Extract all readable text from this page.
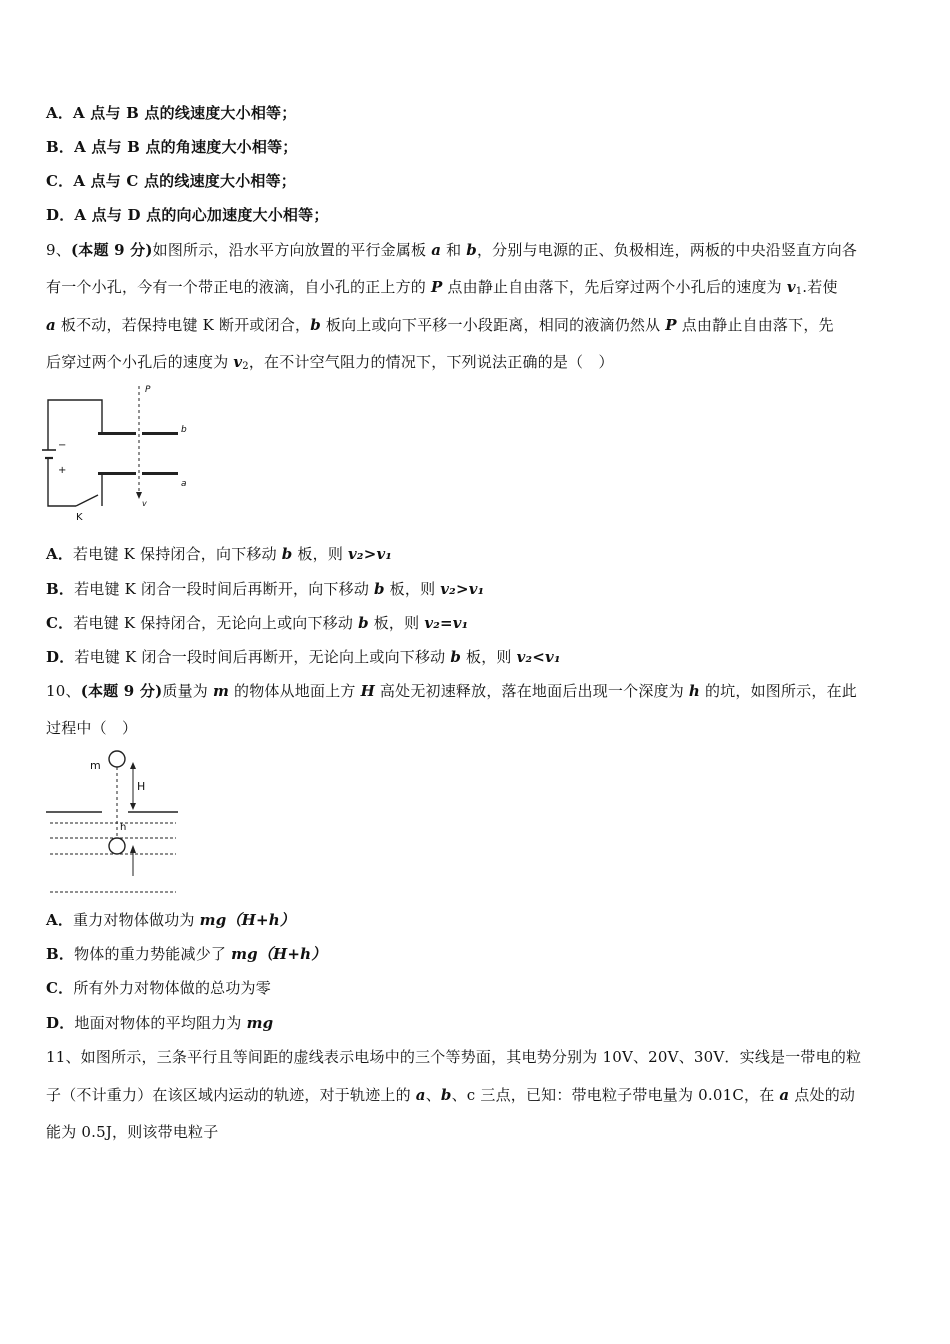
A．A 点与 B 点的线速度大小相等；
B．A 点与 B 点的角速度大小相等；
C．A 点与 C 点的线速度大小相等；
D．A 点与 D 点的向心加速度大小相等；
9、(本题 9 分)如图所示，沿水平方向放置的平行金属板 a 和 b，分别与电源的正、负极相连，两板的中央沿竖直方向各
有一个小孔，今有一个带正电的液滴，自小孔的正上方的 P 点由静止自由落下，先后穿过两个小孔后的速度为 $v_1$.若使
a 板不动，若保持电键 K 断开或闭合，b 板向上或向下平移一小段距离，相同的液滴仍然从 P 点由静止自由落下，先
后穿过两个小孔后的速度为 $v_2$，在不计空气阻力的情况下，下列说法正确的是（　）
P
b
a
−
+
K
v
A．若电键 K 保持闭合，向下移动 b 板，则 v₂>v₁
B．若电键 K 闭合一段时间后再断开，向下移动 b 板，则 v₂>v₁
C．若电键 K 保持闭合，无论向上或向下移动 b 板，则 v₂=v₁
D．若电键 K 闭合一段时间后再断开，无论向上或向下移动 b 板，则 v₂<v₁
10、(本题 9 分)质量为 m 的物体从地面上方 H 高处无初速释放，落在地面后出现一个深度为 h 的坑，如图所示，在此
过程中（　）
m
H
h
A．重力对物体做功为 mg（H+h）
B．物体的重力势能减少了 mg（H+h）
C．所有外力对物体做的总功为零
D．地面对物体的平均阻力为 mg
11、如图所示，三条平行且等间距的虚线表示电场中的三个等势面，其电势分别为 10V、20V、30V．实线是一带电的粒
子（不计重力）在该区域内运动的轨迹，对于轨迹上的 a、b、c 三点，已知：带电粒子带电量为 0.01C，在 a 点处的动
能为 0.5J，则该带电粒子
